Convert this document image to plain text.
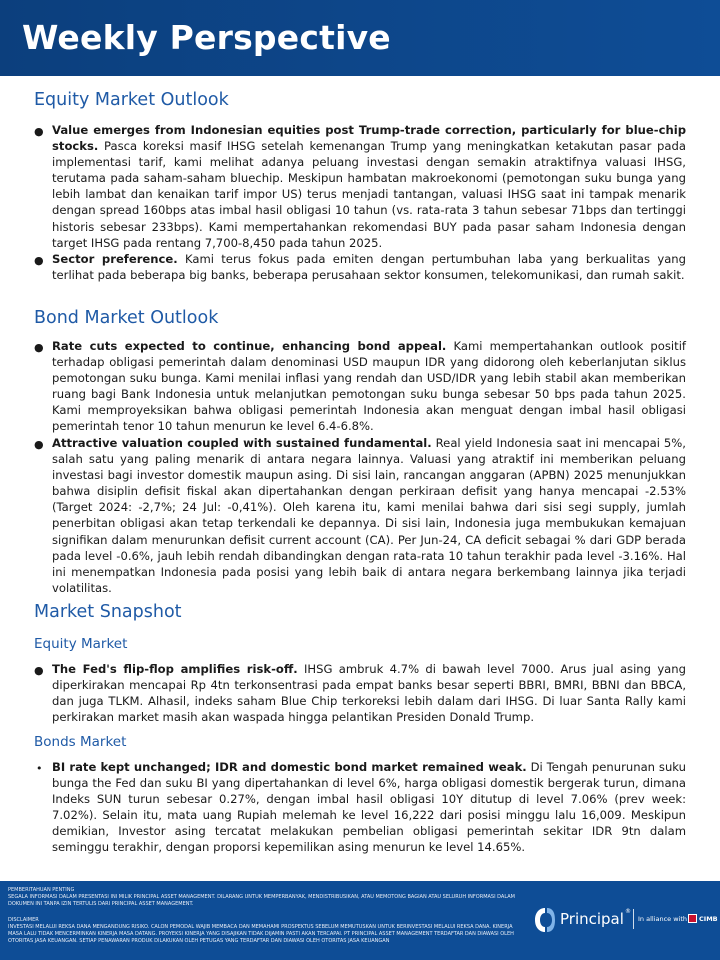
Weekly Perspective
Equity Market Outlook
● Value emerges from Indonesian equities post Trump-trade correction, particularly for blue-chip stocks. Pasca koreksi masif IHSG setelah kemenangan Trump yang meningkatkan ketakutan pasar pada implementasi tarif, kami melihat adanya peluang investasi dengan semakin atraktifnya valuasi IHSG, terutama pada saham-saham bluechip. Meskipun hambatan makroekonomi (pemotongan suku bunga yang lebih lambat dan kenaikan tarif impor US) terus menjadi tantangan, valuasi IHSG saat ini tampak menarik dengan spread 160bps atas imbal hasil obligasi 10 tahun (vs. rata-rata 3 tahun sebesar 71bps dan tertinggi historis sebesar 233bps). Kami mempertahankan rekomendasi BUY pada pasar saham Indonesia dengan target IHSG pada rentang 7,700-8,450 pada tahun 2025.
● Sector preference. Kami terus fokus pada emiten dengan pertumbuhan laba yang berkualitas yang terlihat pada beberapa big banks, beberapa perusahaan sektor konsumen, telekomunikasi, dan rumah sakit.
Bond Market Outlook
● Rate cuts expected to continue, enhancing bond appeal. Kami mempertahankan outlook positif terhadap obligasi pemerintah dalam denominasi USD maupun IDR yang didorong oleh keberlanjutan siklus pemotongan suku bunga. Kami menilai inflasi yang rendah dan USD/IDR yang lebih stabil akan memberikan ruang bagi Bank Indonesia untuk melanjutkan pemotongan suku bunga sebesar 50 bps pada tahun 2025. Kami memproyeksikan bahwa obligasi pemerintah Indonesia akan menguat dengan imbal hasil obligasi pemerintah tenor 10 tahun menurun ke level 6.4-6.8%.
● Attractive valuation coupled with sustained fundamental. Real yield Indonesia saat ini mencapai 5%, salah satu yang paling menarik di antara negara lainnya. Valuasi yang atraktif ini memberikan peluang investasi bagi investor domestik maupun asing. Di sisi lain, rancangan anggaran (APBN) 2025 menunjukkan bahwa disiplin defisit fiskal akan dipertahankan dengan perkiraan defisit yang hanya mencapai -2.53% (Target 2024: -2,7%; 24 Jul: -0,41%). Oleh karena itu, kami menilai bahwa dari sisi segi supply, jumlah penerbitan obligasi akan tetap terkendali ke depannya. Di sisi lain, Indonesia juga membukukan kemajuan signifikan dalam menurunkan defisit current account (CA). Per Jun-24, CA deficit sebagai % dari GDP berada pada level -0.6%, jauh lebih rendah dibandingkan dengan rata-rata 10 tahun terakhir pada level -3.16%. Hal ini menempatkan Indonesia pada posisi yang lebih baik di antara negara berkembang lainnya jika terjadi volatilitas.
Market Snapshot
Equity Market
● The Fed's flip-flop amplifies risk-off. IHSG ambruk 4.7% di bawah level 7000. Arus jual asing yang diperkirakan mencapai Rp 4tn terkonsentrasi pada empat banks besar seperti BBRI, BMRI, BBNI dan BBCA, dan juga TLKM. Alhasil, indeks saham Blue Chip terkoreksi lebih dalam dari IHSG. Di luar Santa Rally kami perkirakan market masih akan waspada hingga pelantikan Presiden Donald Trump.
Bonds Market
• BI rate kept unchanged; IDR and domestic bond market remained weak. Di Tengah penurunan suku bunga the Fed dan suku BI yang dipertahankan di level 6%, harga obligasi domestik bergerak turun, dimana Indeks SUN turun sebesar 0.27%, dengan imbal hasil obligasi 10Y ditutup di level 7.06% (prev week: 7.02%). Selain itu, mata uang Rupiah melemah ke level 16,222 dari posisi minggu lalu 16,009. Meskipun demikian, Investor asing tercatat melakukan pembelian obligasi pemerintah sekitar IDR 9tn dalam seminggu terakhir, dengan proporsi kepemilikan asing menurun ke level 14.65%.
PEMBERITAHUAN PENTING
SEGALA INFORMASI DALAM PRESENTASI INI MILIK PRINCIPAL ASSET MANAGEMENT. DILARANG UNTUK MEMPERBANYAK, MENDISTRIBUSIKAN, ATAU MEMOTONG BAGIAN ATAU SELURUH INFORMASI DALAM DOKUMEN INI TANPA IZIN TERTULIS DARI PRINCIPAL ASSET MANAGEMENT.
DISCLAIMER
INVESTASI MELALUI REKSA DANA MENGANDUNG RISIKO. CALON PEMODAL WAJIB MEMBACA DAN MEMAHAMI PROSPEKTUS SEBELUM MEMUTUSKAN UNTUK BERINVESTASI MELALUI REKSA DANA. KINERJA MASA LALU TIDAK MENCERMINKAN KINERJA MASA DATANG. PROYEKSI KINERJA YANG DISAJIKAN TIDAK DIJAMIN PASTI AKAN TERCAPAI. PT PRINCIPAL ASSET MANAGEMENT TERDAFTAR DAN DIAWASI OLEH OTORITAS JASA KEUANGAN. SETIAP PENAWARAN PRODUK DILAKUKAN OLEH PETUGAS YANG TERDAFTAR DAN DIAWASI OLEH OTORITAS JASA KEUANGAN
Principal ®
In alliance with CIMB
